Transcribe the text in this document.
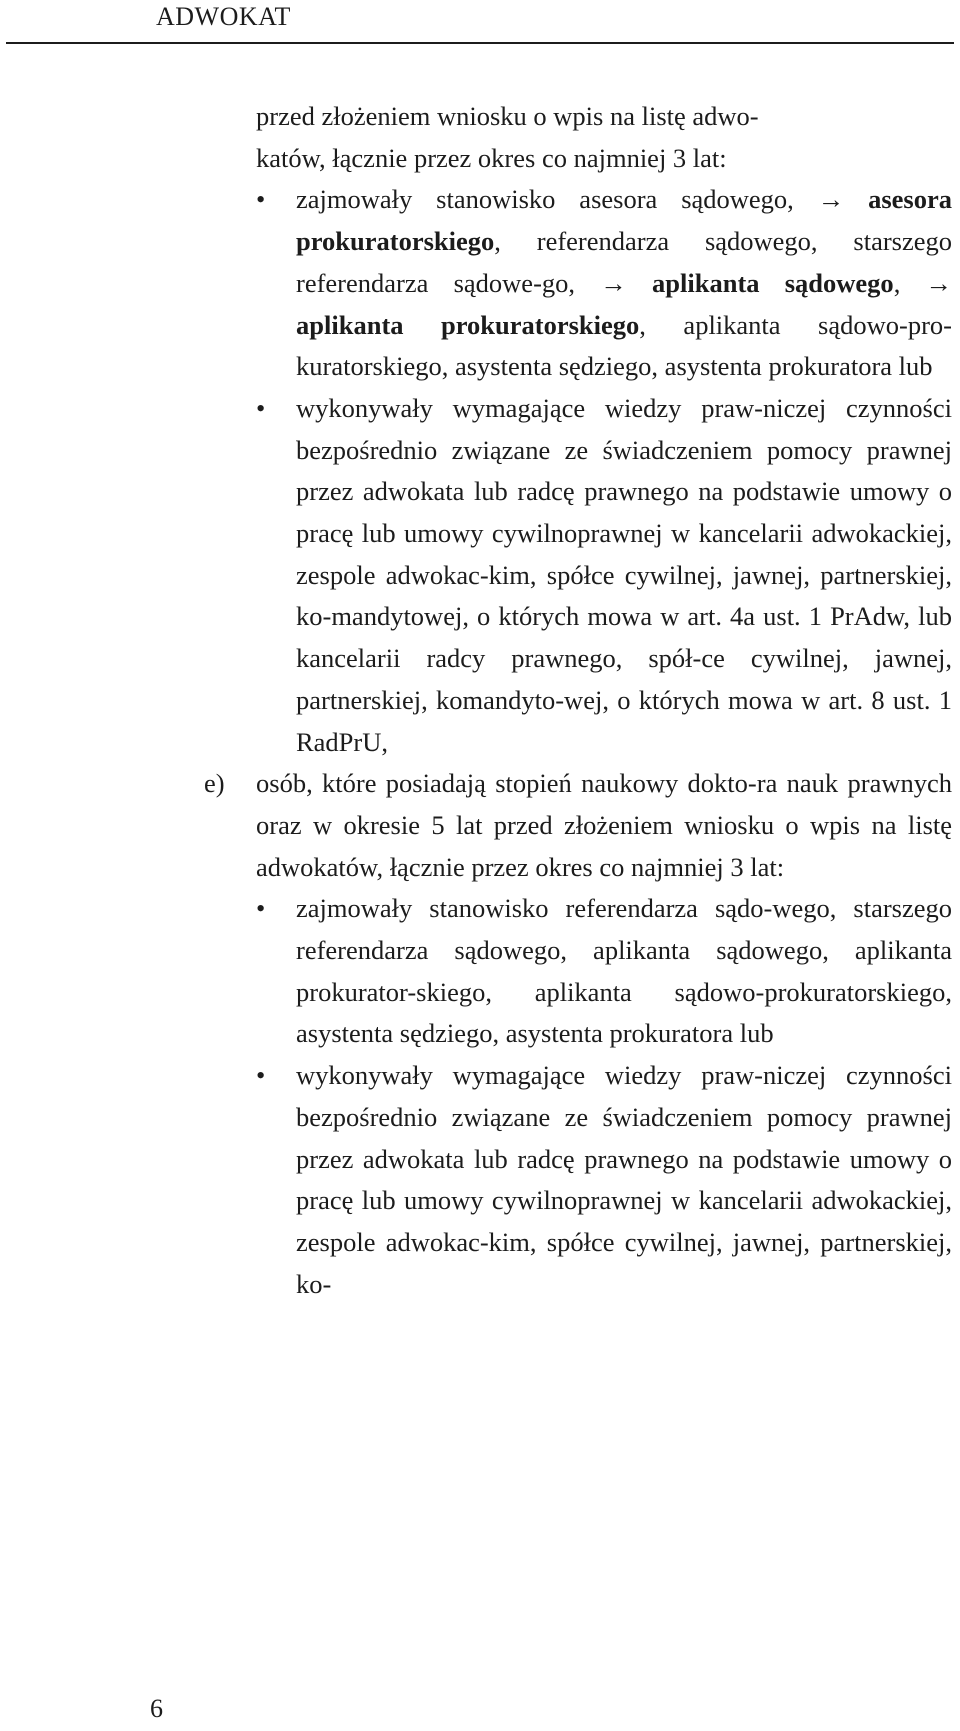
ADWOKAT
przed złożeniem wniosku o wpis na listę adwo-
katów, łącznie przez okres co najmniej 3 lat:
•	zajmowały stanowisko asesora sądowego, → asesora prokuratorskiego, referendarza sądowego, starszego referendarza sądowe-go, → aplikanta sądowego, → aplikanta prokuratorskiego, aplikanta sądowo-pro-kuratorskiego, asystenta sędziego, asystenta prokuratora lub
•	wykonywały wymagające wiedzy praw-niczej czynności bezpośrednio związane ze świadczeniem pomocy prawnej przez adwokata lub radcę prawnego na podstawie umowy o pracę lub umowy cywilnoprawnej w kancelarii adwokackiej, zespole adwokac-kim, spółce cywilnej, jawnej, partnerskiej, ko-mandytowej, o których mowa w art. 4a ust. 1 PrAdw, lub kancelarii radcy prawnego, spół-ce cywilnej, jawnej, partnerskiej, komandyto-wej, o których mowa w art. 8 ust. 1 RadPrU,
e) osób, które posiadają stopień naukowy dokto-ra nauk prawnych oraz w okresie 5 lat przed złożeniem wniosku o wpis na listę adwokatów, łącznie przez okres co najmniej 3 lat:
•	zajmowały stanowisko referendarza sądo-wego, starszego referendarza sądowego, aplikanta sądowego, aplikanta prokurator-skiego, aplikanta sądowo-prokuratorskiego, asystenta sędziego, asystenta prokuratora lub
•	wykonywały wymagające wiedzy praw-niczej czynności bezpośrednio związane ze świadczeniem pomocy prawnej przez adwokata lub radcę prawnego na podstawie umowy o pracę lub umowy cywilnoprawnej w kancelarii adwokackiej, zespole adwokac-kim, spółce cywilnej, jawnej, partnerskiej, ko-
6
